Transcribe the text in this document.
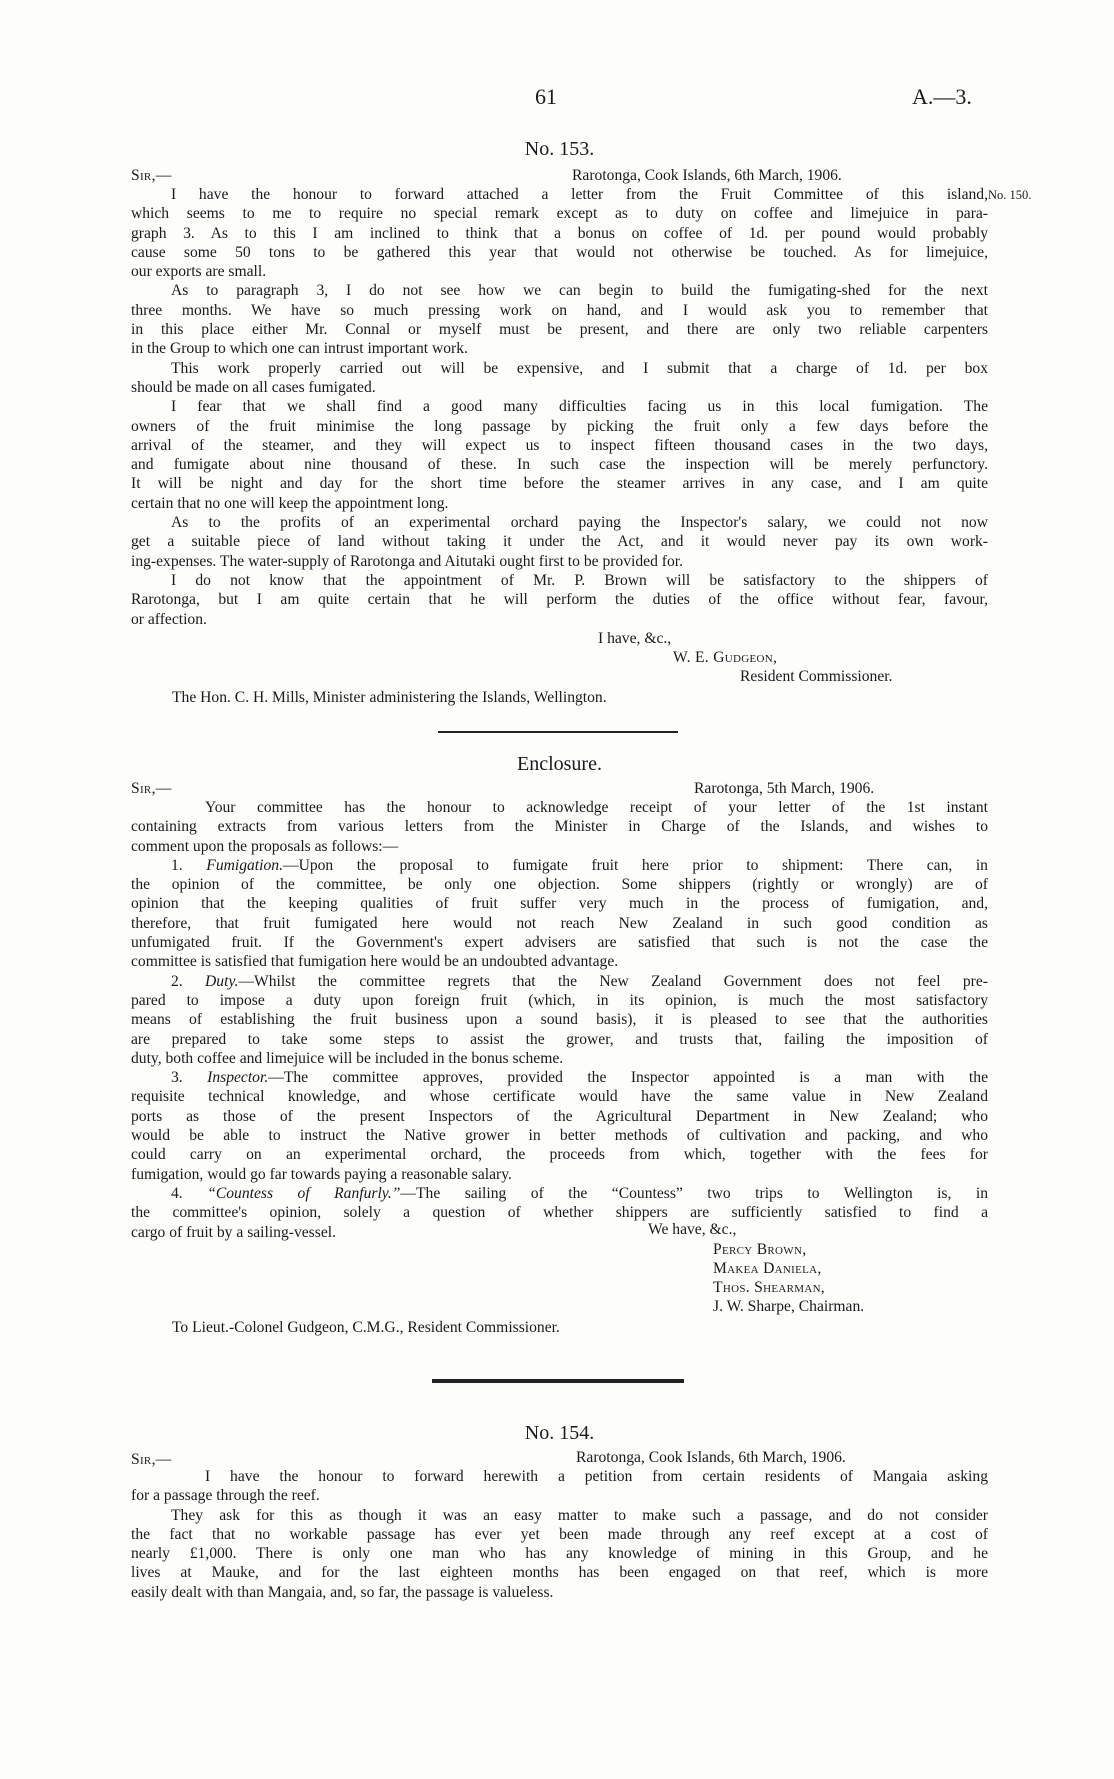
61	A.—3.
No. 153.
Sir,—	Rarotonga, Cook Islands, 6th March, 1906.
No. 150.
I have the honour to forward attached a letter from the Fruit Committee of this island,
which seems to me to require no special remark except as to duty on coffee and limejuice in para-
graph 3. As to this I am inclined to think that a bonus on coffee of 1d. per pound would probably
cause some 50 tons to be gathered this year that would not otherwise be touched. As for limejuice,
our exports are small.
As to paragraph 3, I do not see how we can begin to build the fumigating-shed for the next
three months. We have so much pressing work on hand, and I would ask you to remember that
in this place either Mr. Connal or myself must be present, and there are only two reliable carpenters
in the Group to which one can intrust important work.
This work properly carried out will be expensive, and I submit that a charge of 1d. per box
should be made on all cases fumigated.
I fear that we shall find a good many difficulties facing us in this local fumigation. The
owners of the fruit minimise the long passage by picking the fruit only a few days before the
arrival of the steamer, and they will expect us to inspect fifteen thousand cases in the two days,
and fumigate about nine thousand of these. In such case the inspection will be merely perfunctory.
It will be night and day for the short time before the steamer arrives in any case, and I am quite
certain that no one will keep the appointment long.
As to the profits of an experimental orchard paying the Inspector's salary, we could not now
get a suitable piece of land without taking it under the Act, and it would never pay its own work-
ing-expenses. The water-supply of Rarotonga and Aitutaki ought first to be provided for.
I do not know that the appointment of Mr. P. Brown will be satisfactory to the shippers of
Rarotonga, but I am quite certain that he will perform the duties of the office without fear, favour,
or affection.
I have, &c.,
W. E. Gudgeon,
Resident Commissioner.
The Hon. C. H. Mills, Minister administering the Islands, Wellington.
Enclosure.
Sir,—	Rarotonga, 5th March, 1906.
Your committee has the honour to acknowledge receipt of your letter of the 1st instant
containing extracts from various letters from the Minister in Charge of the Islands, and wishes to
comment upon the proposals as follows:—
1. Fumigation.—Upon the proposal to fumigate fruit here prior to shipment: There can, in
the opinion of the committee, be only one objection. Some shippers (rightly or wrongly) are of
opinion that the keeping qualities of fruit suffer very much in the process of fumigation, and,
therefore, that fruit fumigated here would not reach New Zealand in such good condition as
unfumigated fruit. If the Government's expert advisers are satisfied that such is not the case the
committee is satisfied that fumigation here would be an undoubted advantage.
2. Duty.—Whilst the committee regrets that the New Zealand Government does not feel pre-
pared to impose a duty upon foreign fruit (which, in its opinion, is much the most satisfactory
means of establishing the fruit business upon a sound basis), it is pleased to see that the authorities
are prepared to take some steps to assist the grower, and trusts that, failing the imposition of
duty, both coffee and limejuice will be included in the bonus scheme.
3. Inspector.—The committee approves, provided the Inspector appointed is a man with the
requisite technical knowledge, and whose certificate would have the same value in New Zealand
ports as those of the present Inspectors of the Agricultural Department in New Zealand; who
would be able to instruct the Native grower in better methods of cultivation and packing, and who
could carry on an experimental orchard, the proceeds from which, together with the fees for
fumigation, would go far towards paying a reasonable salary.
4. “Countess of Ranfurly.”—The sailing of the “Countess” two trips to Wellington is, in
the committee's opinion, solely a question of whether shippers are sufficiently satisfied to find a
cargo of fruit by a sailing-vessel.	We have, &c.,
Percy Brown,
Makea Daniela,
Thos. Shearman,
J. W. Sharpe, Chairman.
To Lieut.-Colonel Gudgeon, C.M.G., Resident Commissioner.
No. 154.
Sir,—	Rarotonga, Cook Islands, 6th March, 1906.
I have the honour to forward herewith a petition from certain residents of Mangaia asking
for a passage through the reef.
They ask for this as though it was an easy matter to make such a passage, and do not consider
the fact that no workable passage has ever yet been made through any reef except at a cost of
nearly £1,000. There is only one man who has any knowledge of mining in this Group, and he
lives at Mauke, and for the last eighteen months has been engaged on that reef, which is more
easily dealt with than Mangaia, and, so far, the passage is valueless.
